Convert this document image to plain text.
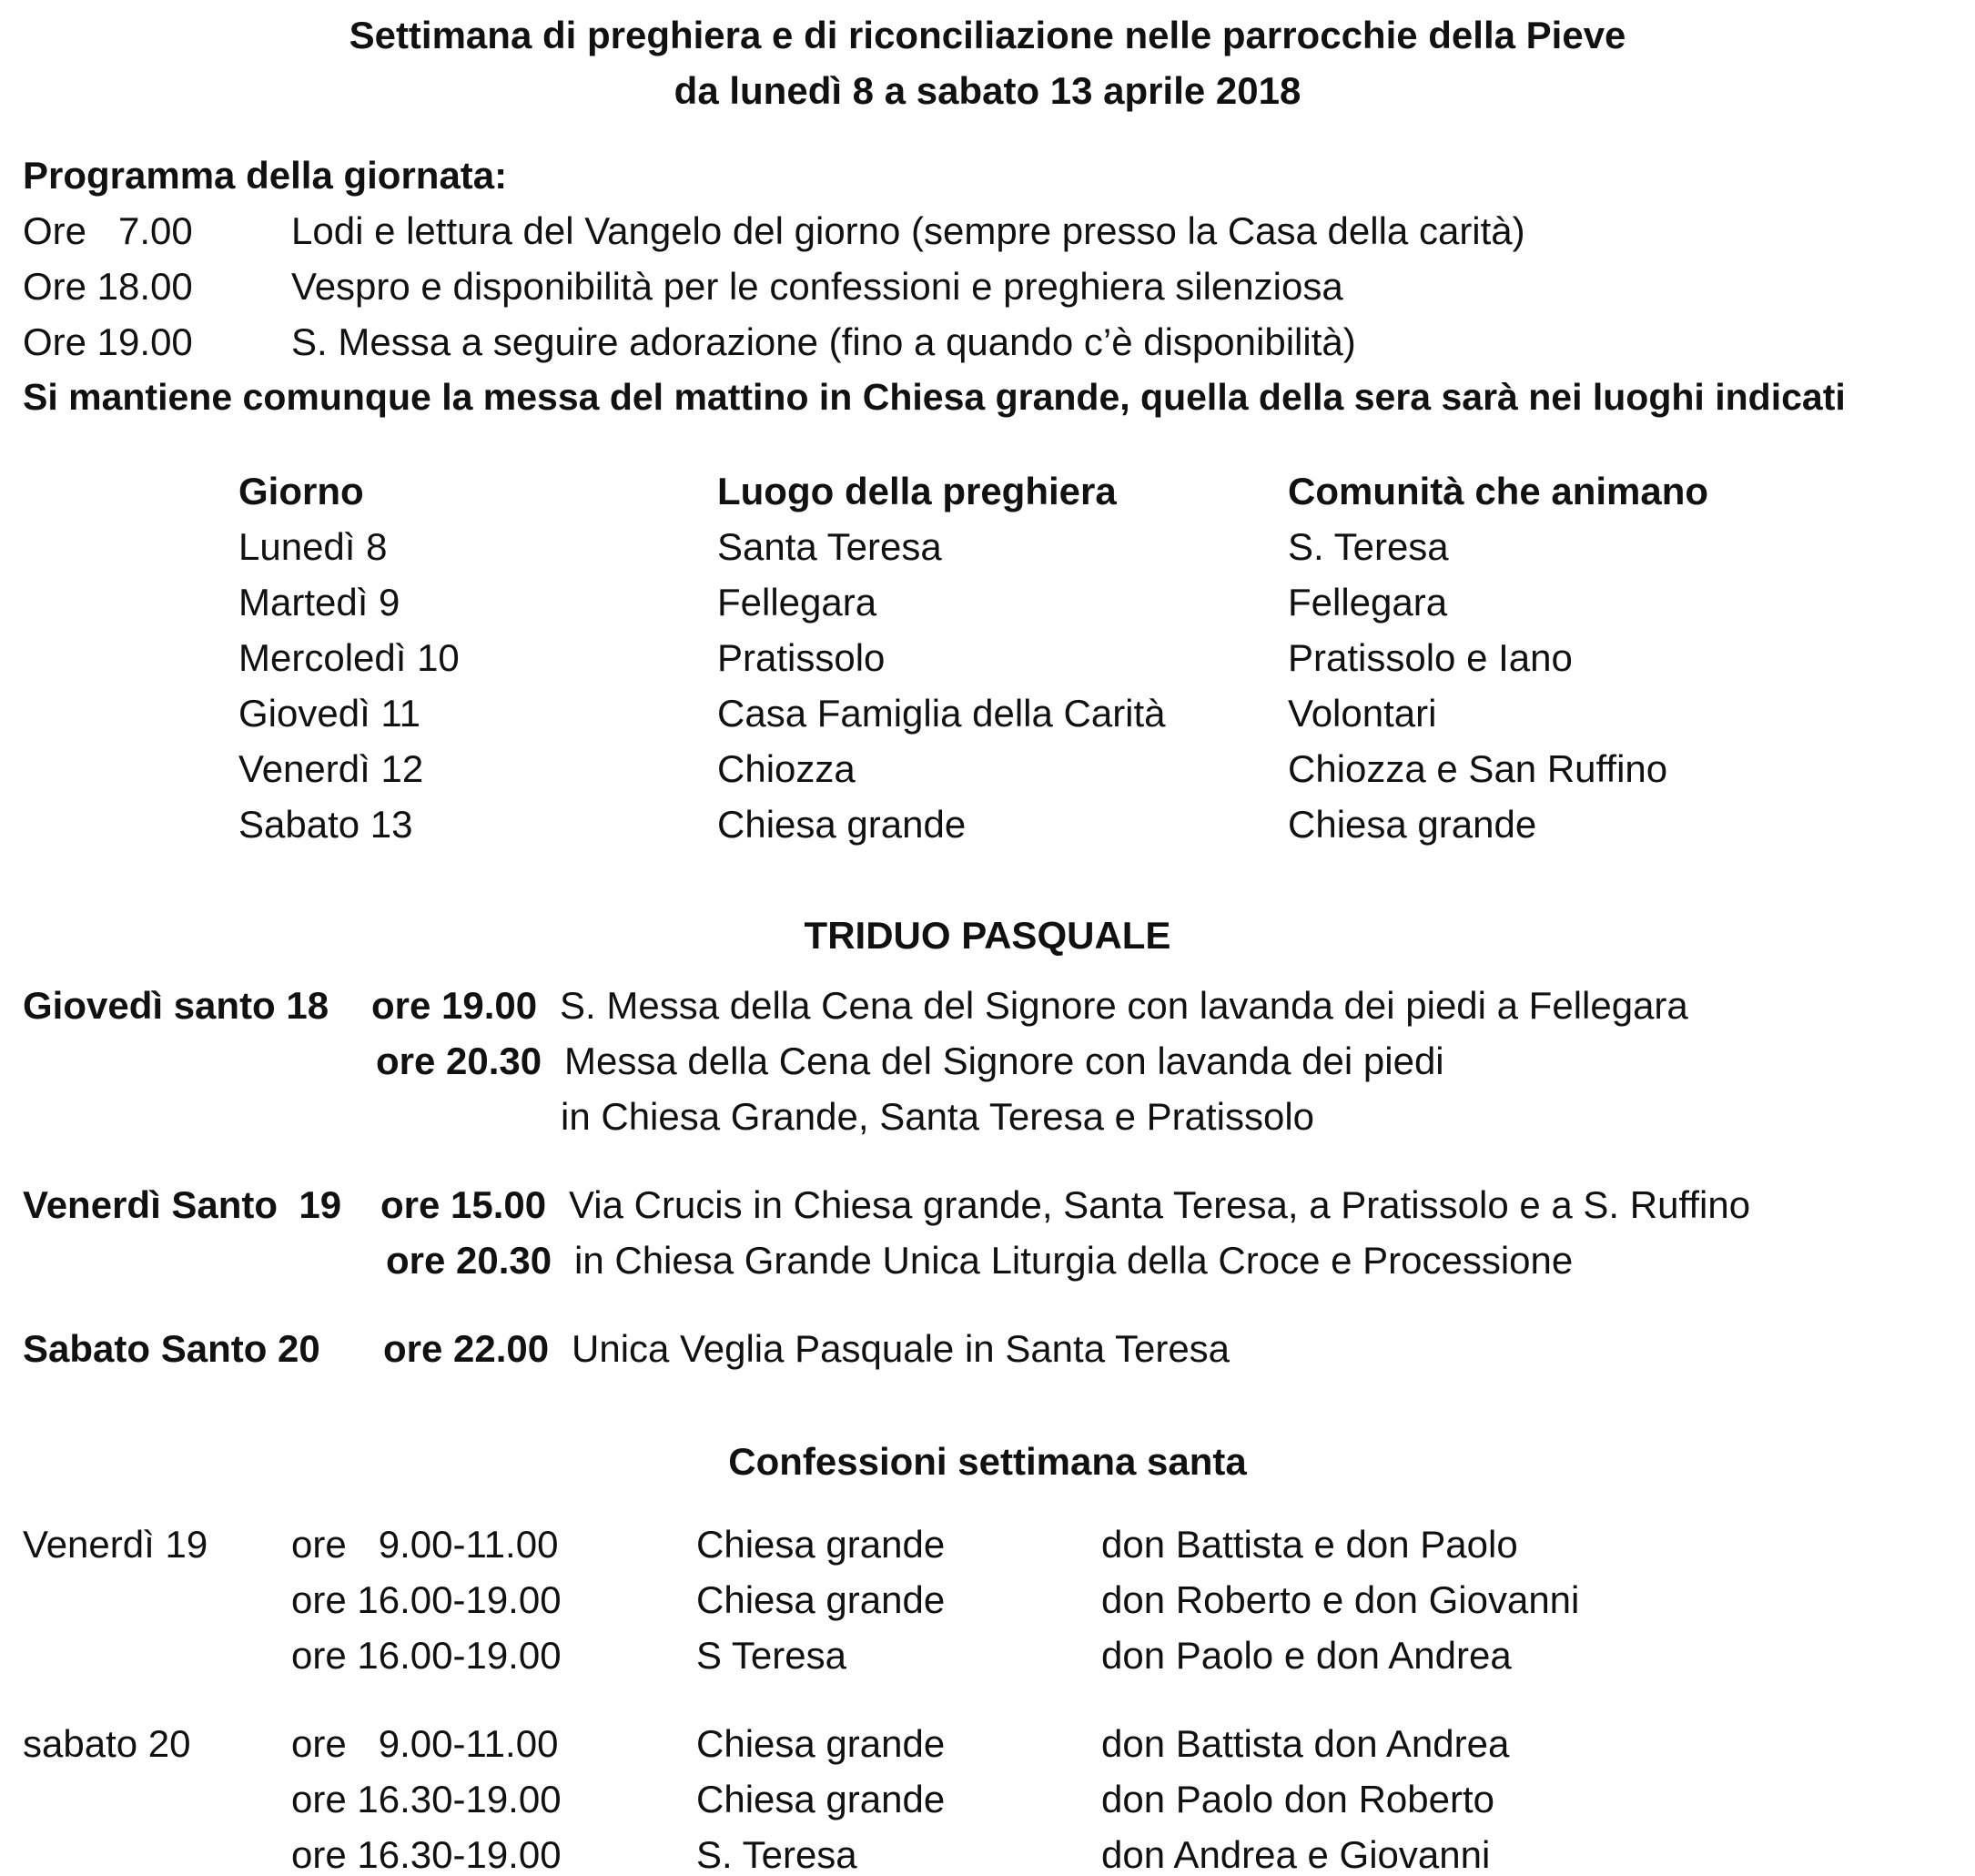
Settimana di preghiera e di riconciliazione nelle parrocchie della Pieve
da lunedì 8 a sabato 13 aprile 2018
Programma della giornata:
Ore   7.00	Lodi e lettura del Vangelo del giorno (sempre presso la Casa della carità)
Ore 18.00	Vespro e disponibilità per le confessioni e preghiera silenziosa
Ore 19.00	S. Messa a seguire adorazione (fino a quando c’è disponibilità)
Si mantiene comunque la messa del mattino in Chiesa grande, quella della sera sarà nei luoghi indicati
Giorno	Luogo della preghiera	Comunità che animano
Lunedì 8	Santa Teresa	S. Teresa
Martedì 9	Fellegara	Fellegara
Mercoledì 10	Pratissolo	Pratissolo e Iano
Giovedì 11	Casa Famiglia della Carità	Volontari
Venerdì 12	Chiozza	Chiozza e San Ruffino
Sabato 13	Chiesa grande	Chiesa grande
TRIDUO PASQUALE
Giovedì santo 18 ore 19.00 S. Messa della Cena del Signore con lavanda dei piedi a Fellegara
ore 20.30 Messa della Cena del Signore con lavanda dei piedi
in Chiesa Grande, Santa Teresa e Pratissolo
Venerdì Santo  19 ore 15.00 Via Crucis in Chiesa grande, Santa Teresa, a Pratissolo e a S. Ruffino
ore 20.30 in Chiesa Grande Unica Liturgia della Croce e Processione
Sabato Santo 20 ore 22.00 Unica Veglia Pasquale in Santa Teresa
Confessioni settimana santa
Venerdì 19 ore   9.00-11.00	Chiesa grande	don Battista e don Paolo
ore 16.00-19.00	Chiesa grande	don Roberto e don Giovanni
ore 16.00-19.00	S Teresa	don Paolo e don Andrea
sabato 20	ore   9.00-11.00	Chiesa grande	don Battista don Andrea
ore 16.30-19.00	Chiesa grande	don Paolo don Roberto
ore 16.30-19.00	S. Teresa	don Andrea e Giovanni
